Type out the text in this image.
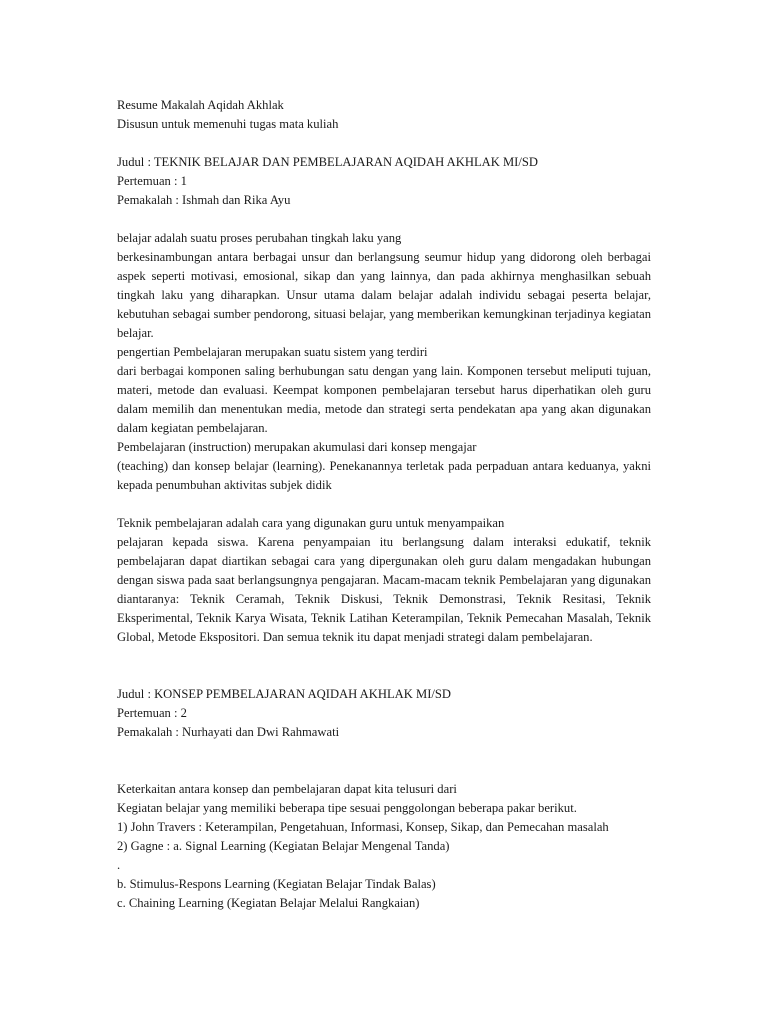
Resume Makalah Aqidah Akhlak
Disusun untuk memenuhi tugas mata kuliah
Judul : TEKNIK BELAJAR DAN PEMBELAJARAN AQIDAH AKHLAK MI/SD
Pertemuan : 1
Pemakalah : Ishmah dan Rika Ayu
belajar adalah suatu proses perubahan tingkah laku yang
berkesinambungan antara berbagai unsur dan berlangsung seumur hidup yang didorong oleh berbagai aspek seperti motivasi, emosional, sikap dan yang lainnya, dan pada akhirnya menghasilkan sebuah tingkah laku yang diharapkan. Unsur utama dalam belajar adalah individu sebagai peserta belajar, kebutuhan sebagai sumber pendorong, situasi belajar, yang memberikan kemungkinan terjadinya kegiatan belajar.
pengertian Pembelajaran merupakan suatu sistem yang terdiri
dari berbagai komponen saling berhubungan satu dengan yang lain. Komponen tersebut meliputi tujuan, materi, metode dan evaluasi. Keempat komponen pembelajaran tersebut harus diperhatikan oleh guru dalam memilih dan menentukan media, metode dan strategi serta pendekatan apa yang akan digunakan dalam kegiatan pembelajaran.
Pembelajaran (instruction) merupakan akumulasi dari konsep mengajar
(teaching) dan konsep belajar (learning). Penekanannya terletak pada perpaduan antara keduanya, yakni kepada penumbuhan aktivitas subjek didik
Teknik pembelajaran adalah cara yang digunakan guru untuk menyampaikan
pelajaran kepada siswa. Karena penyampaian itu berlangsung dalam interaksi edukatif, teknik pembelajaran dapat diartikan sebagai cara yang dipergunakan oleh guru dalam mengadakan hubungan dengan siswa pada saat berlangsungnya pengajaran. Macam-macam teknik Pembelajaran yang digunakan diantaranya: Teknik Ceramah, Teknik Diskusi, Teknik Demonstrasi, Teknik Resitasi, Teknik Eksperimental, Teknik Karya Wisata, Teknik Latihan Keterampilan, Teknik Pemecahan Masalah, Teknik Global, Metode Ekspositori. Dan semua teknik itu dapat menjadi strategi dalam pembelajaran.
Judul : KONSEP PEMBELAJARAN AQIDAH AKHLAK MI/SD
Pertemuan : 2
Pemakalah : Nurhayati dan Dwi Rahmawati
Keterkaitan antara konsep dan pembelajaran dapat kita telusuri dari
Kegiatan belajar yang memiliki beberapa tipe sesuai penggolongan beberapa pakar berikut.
1) John Travers : Keterampilan, Pengetahuan, Informasi, Konsep, Sikap, dan Pemecahan masalah
2) Gagne : a. Signal Learning (Kegiatan Belajar Mengenal Tanda)
.
b. Stimulus-Respons Learning (Kegiatan Belajar Tindak Balas)
c. Chaining Learning (Kegiatan Belajar Melalui Rangkaian)
